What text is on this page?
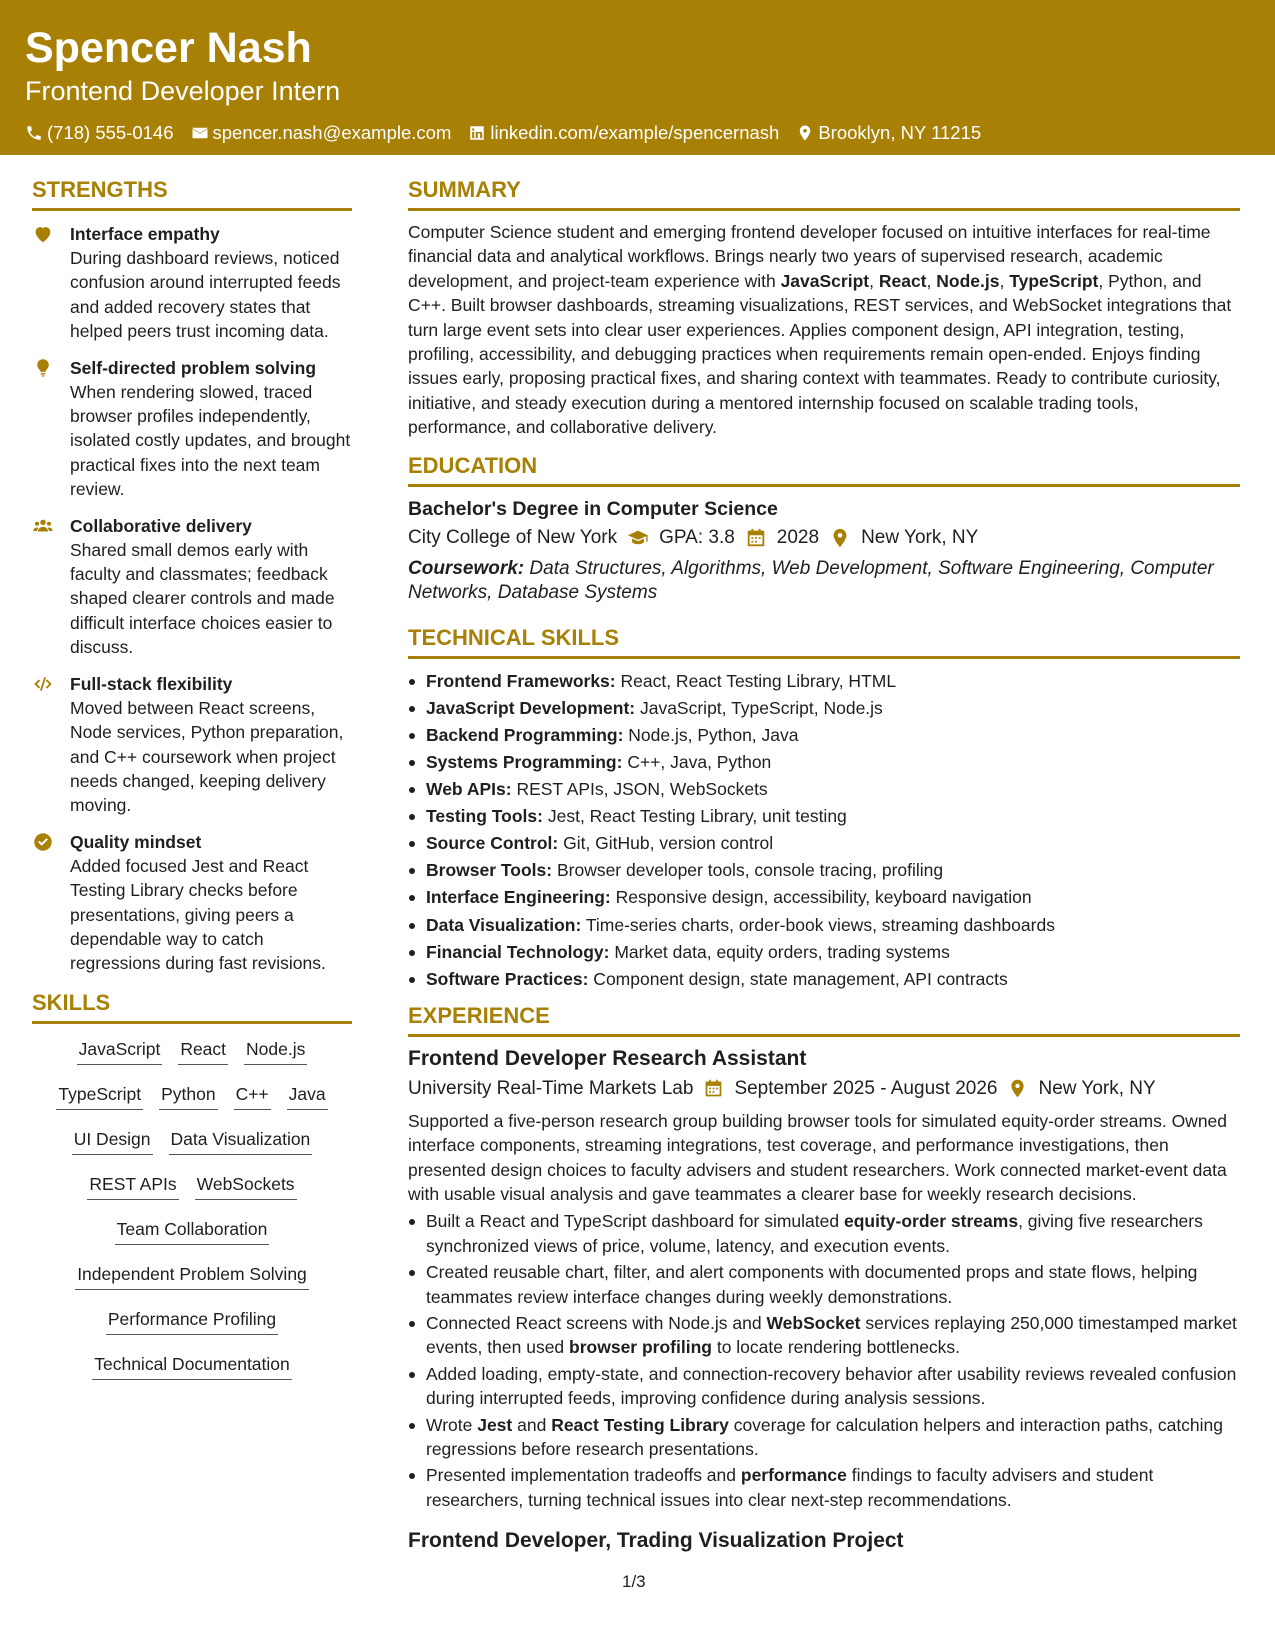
Spencer Nash
Frontend Developer Intern
(718) 555-0146 spencer.nash@example.com linkedin.com/example/spencernash Brooklyn, NY 11215
STRENGTHS
Interface empathy
During dashboard reviews, noticed confusion around interrupted feeds and added recovery states that helped peers trust incoming data.
Self-directed problem solving
When rendering slowed, traced browser profiles independently, isolated costly updates, and brought practical fixes into the next team review.
Collaborative delivery
Shared small demos early with faculty and classmates; feedback shaped clearer controls and made difficult interface choices easier to discuss.
Full-stack flexibility
Moved between React screens, Node services, Python preparation, and C++ coursework when project needs changed, keeping delivery moving.
Quality mindset
Added focused Jest and React Testing Library checks before presentations, giving peers a dependable way to catch regressions during fast revisions.
SKILLS
JavaScript React Node.js
TypeScript Python C++ Java
UI Design Data Visualization
REST APIs WebSockets
Team Collaboration
Independent Problem Solving
Performance Profiling
Technical Documentation
SUMMARY
Computer Science student and emerging frontend developer focused on intuitive interfaces for real-time financial data and analytical workflows. Brings nearly two years of supervised research, academic development, and project-team experience with JavaScript, React, Node.js, TypeScript, Python, and C++. Built browser dashboards, streaming visualizations, REST services, and WebSocket integrations that turn large event sets into clear user experiences. Applies component design, API integration, testing, profiling, accessibility, and debugging practices when requirements remain open-ended. Enjoys finding issues early, proposing practical fixes, and sharing context with teammates. Ready to contribute curiosity, initiative, and steady execution during a mentored internship focused on scalable trading tools, performance, and collaborative delivery.
EDUCATION
Bachelor's Degree in Computer Science
City College of New York GPA: 3.8 2028 New York, NY
Coursework: Data Structures, Algorithms, Web Development, Software Engineering, Computer Networks, Database Systems
TECHNICAL SKILLS
Frontend Frameworks: React, React Testing Library, HTML
JavaScript Development: JavaScript, TypeScript, Node.js
Backend Programming: Node.js, Python, Java
Systems Programming: C++, Java, Python
Web APIs: REST APIs, JSON, WebSockets
Testing Tools: Jest, React Testing Library, unit testing
Source Control: Git, GitHub, version control
Browser Tools: Browser developer tools, console tracing, profiling
Interface Engineering: Responsive design, accessibility, keyboard navigation
Data Visualization: Time-series charts, order-book views, streaming dashboards
Financial Technology: Market data, equity orders, trading systems
Software Practices: Component design, state management, API contracts
EXPERIENCE
Frontend Developer Research Assistant
University Real-Time Markets Lab September 2025 - August 2026 New York, NY
Supported a five-person research group building browser tools for simulated equity-order streams. Owned interface components, streaming integrations, test coverage, and performance investigations, then presented design choices to faculty advisers and student researchers. Work connected market-event data with usable visual analysis and gave teammates a clearer base for weekly research decisions.
Built a React and TypeScript dashboard for simulated equity-order streams, giving five researchers synchronized views of price, volume, latency, and execution events.
Created reusable chart, filter, and alert components with documented props and state flows, helping teammates review interface changes during weekly demonstrations.
Connected React screens with Node.js and WebSocket services replaying 250,000 timestamped market events, then used browser profiling to locate rendering bottlenecks.
Added loading, empty-state, and connection-recovery behavior after usability reviews revealed confusion during interrupted feeds, improving confidence during analysis sessions.
Wrote Jest and React Testing Library coverage for calculation helpers and interaction paths, catching regressions before research presentations.
Presented implementation tradeoffs and performance findings to faculty advisers and student researchers, turning technical issues into clear next-step recommendations.
Frontend Developer, Trading Visualization Project
1/3
